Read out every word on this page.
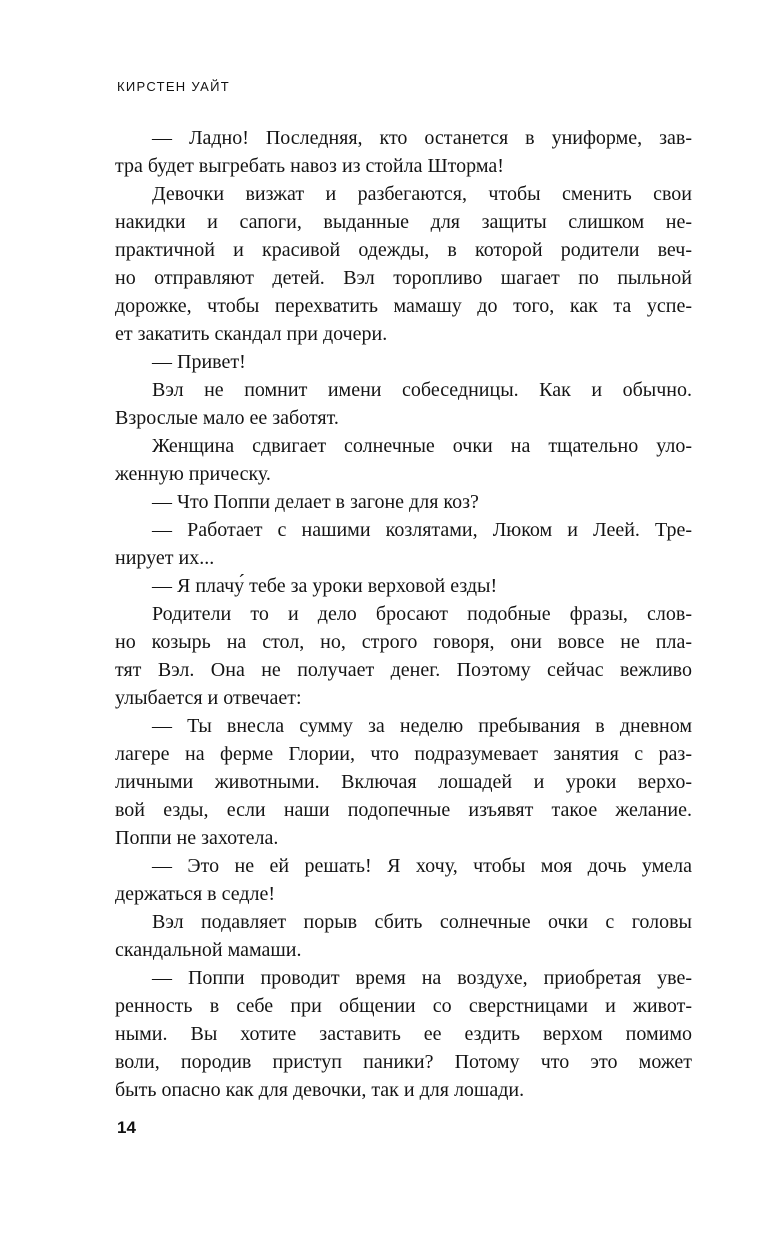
КИРСТЕН УАЙТ
— Ладно! Последняя, кто останется в униформе, зав-
тра будет выгребать навоз из стойла Шторма!
Девочки визжат и разбегаются, чтобы сменить свои
накидки и сапоги, выданные для защиты слишком не-
практичной и красивой одежды, в которой родители веч-
но отправляют детей. Вэл торопливо шагает по пыльной
дорожке, чтобы перехватить мамашу до того, как та успе-
ет закатить скандал при дочери.
— Привет!
Вэл не помнит имени собеседницы. Как и обычно.
Взрослые мало ее заботят.
Женщина сдвигает солнечные очки на тщательно уло-
женную прическу.
— Что Поппи делает в загоне для коз?
— Работает с нашими козлятами, Люком и Леей. Тре-
нирует их...
— Я плачу́ тебе за уроки верховой езды!
Родители то и дело бросают подобные фразы, слов-
но козырь на стол, но, строго говоря, они вовсе не пла-
тят Вэл. Она не получает денег. Поэтому сейчас вежливо
улыбается и отвечает:
— Ты внесла сумму за неделю пребывания в дневном
лагере на ферме Глории, что подразумевает занятия с раз-
личными животными. Включая лошадей и уроки верхо-
вой езды, если наши подопечные изъявят такое желание.
Поппи не захотела.
— Это не ей решать! Я хочу, чтобы моя дочь умела
держаться в седле!
Вэл подавляет порыв сбить солнечные очки с головы
скандальной мамаши.
— Поппи проводит время на воздухе, приобретая уве-
ренность в себе при общении со сверстницами и живот-
ными. Вы хотите заставить ее ездить верхом помимо
воли, породив приступ паники? Потому что это может
быть опасно как для девочки, так и для лошади.
14
